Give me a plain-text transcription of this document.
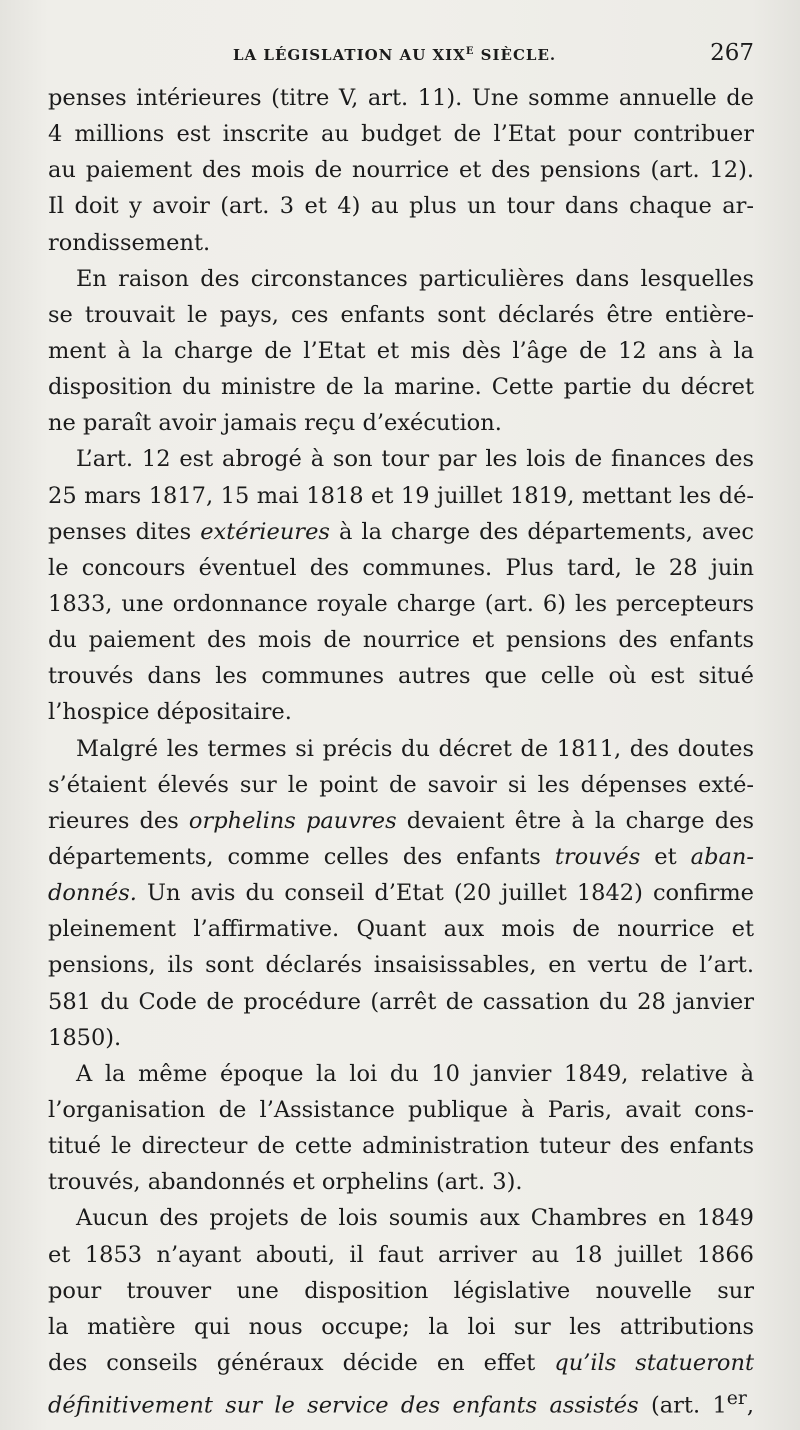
LA LÉGISLATION AU $XIX^E$ SIÈCLE.	267
penses intérieures (titre V, art. 11). Une somme annuelle de
4 millions est inscrite au budget de l’Etat pour contribuer
au paiement des mois de nourrice et des pensions (art. 12).
Il doit y avoir (art. 3 et 4) au plus un tour dans chaque ar-
rondissement.
En raison des circonstances particulières dans lesquelles
se trouvait le pays, ces enfants sont déclarés être entière-
ment à la charge de l’Etat et mis dès l’âge de 12 ans à la
disposition du ministre de la marine. Cette partie du décret
ne paraît avoir jamais reçu d’exécution.
L’art. 12 est abrogé à son tour par les lois de finances des
25 mars 1817, 15 mai 1818 et 19 juillet 1819, mettant les dé-
penses dites extérieures à la charge des départements, avec
le concours éventuel des communes. Plus tard, le 28 juin
1833, une ordonnance royale charge (art. 6) les percepteurs
du paiement des mois de nourrice et pensions des enfants
trouvés dans les communes autres que celle où est situé
l’hospice dépositaire.
Malgré les termes si précis du décret de 1811, des doutes
s’étaient élevés sur le point de savoir si les dépenses exté-
rieures des orphelins pauvres devaient être à la charge des
départements, comme celles des enfants trouvés et aban-
donnés. Un avis du conseil d’Etat (20 juillet 1842) confirme
pleinement l’affirmative. Quant aux mois de nourrice et
pensions, ils sont déclarés insaisissables, en vertu de l’art.
581 du Code de procédure (arrêt de cassation du 28 janvier
1850).
A la même époque la loi du 10 janvier 1849, relative à
l’organisation de l’Assistance publique à Paris, avait cons-
titué le directeur de cette administration tuteur des enfants
trouvés, abandonnés et orphelins (art. 3).
Aucun des projets de lois soumis aux Chambres en 1849
et 1853 n’ayant abouti, il faut arriver au 18 juillet 1866
pour trouver une disposition législative nouvelle sur
la matière qui nous occupe; la loi sur les attributions
des conseils généraux décide en effet qu’ils statueront
définitivement sur le service des enfants assistés (art. 1er,
